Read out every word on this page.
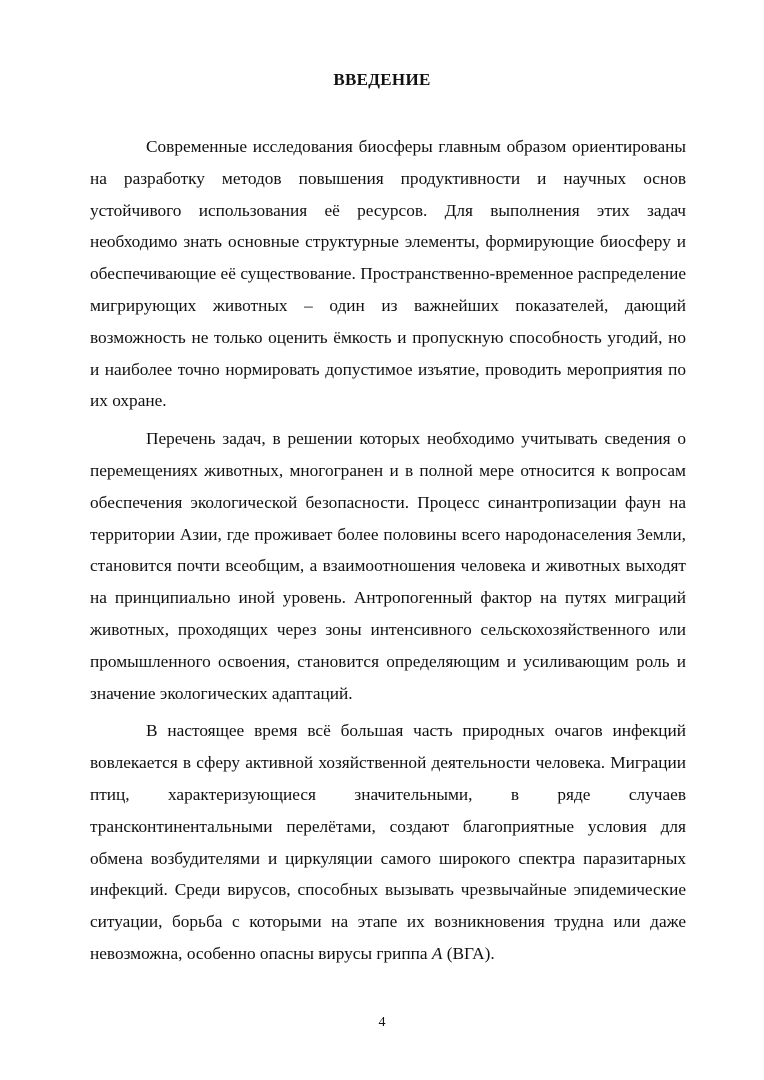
ВВЕДЕНИЕ

Современные исследования биосферы главным образом ориентированы на разработку методов повышения продуктивности и научных основ устойчивого использования её ресурсов. Для выполнения этих задач необходимо знать основные структурные элементы, формирующие биосферу и обеспечивающие её существование. Пространственно-временное распределение мигрирующих животных – один из важнейших показателей, дающий возможность не только оценить ёмкость и пропускную способность угодий, но и наиболее точно нормировать допустимое изъятие, проводить мероприятия по их охране.

Перечень задач, в решении которых необходимо учитывать сведения о перемещениях животных, многогранен и в полной мере относится к вопросам обеспечения экологической безопасности. Процесс синантропизации фаун на территории Азии, где проживает более половины всего народонаселения Земли, становится почти всеобщим, а взаимоотношения человека и животных выходят на принципиально иной уровень. Антропогенный фактор на путях миграций животных, проходящих через зоны интенсивного сельскохозяйственного или промышленного освоения, становится определяющим и усиливающим роль и значение экологических адаптаций.

В настоящее время всё большая часть природных очагов инфекций вовлекается в сферу активной хозяйственной деятельности человека. Миграции птиц, характеризующиеся значительными, в ряде случаев трансконтинентальными перелётами, создают благоприятные условия для обмена возбудителями и циркуляции самого широкого спектра паразитарных инфекций. Среди вирусов, способных вызывать чрезвычайные эпидемические ситуации, борьба с которыми на этапе их возникновения трудна или даже невозможна, особенно опасны вирусы гриппа А (ВГА).

4
